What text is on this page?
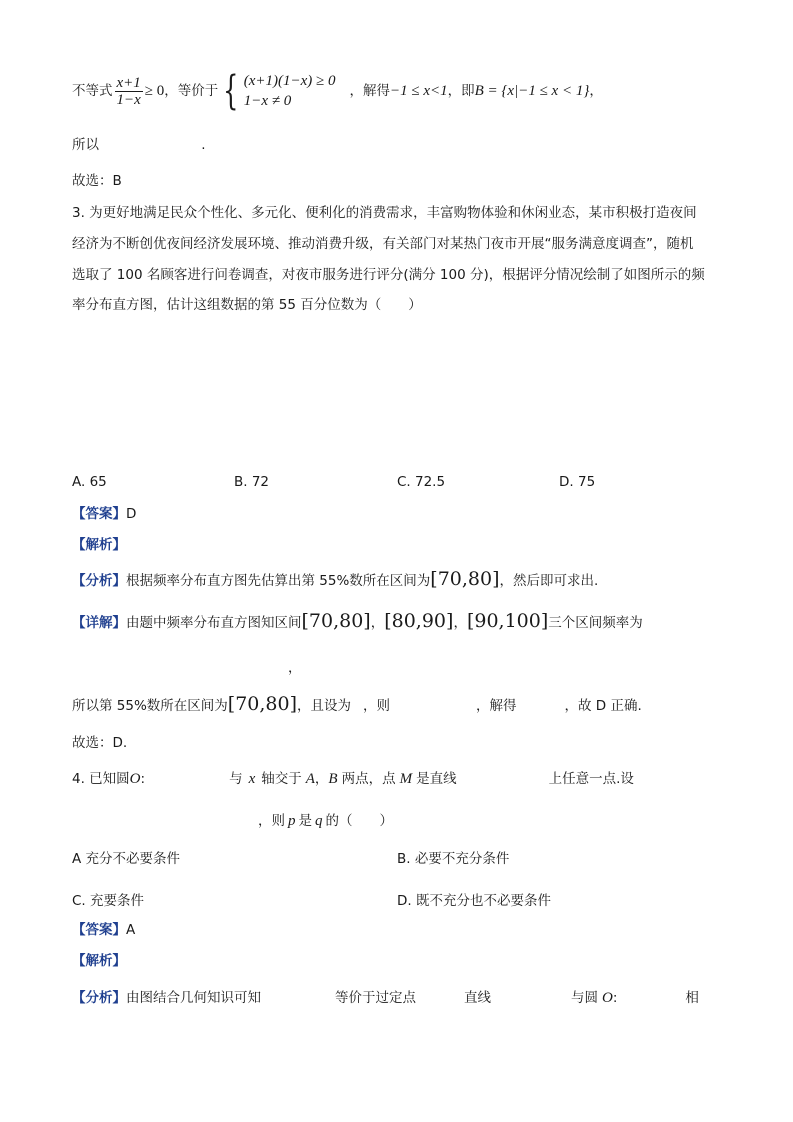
不等式 $\frac{x+1}{1-x} \ge 0$ ，等价于 { (x+1)(1−x) ≥ 0
1−x ≠ 0
，解得 −1 ≤ x<1 ，即 B = {x|−1 ≤ x < 1} ，
所以	.
故选：B
3. 为更好地满足民众个性化、多元化、便利化的消费需求，丰富购物体验和休闲业态，某市积极打造夜间
经济为不断创优夜间经济发展环境、推动消费升级，有关部门对某热门夜市开展“服务满意度调查”，随机
选取了 100 名顾客进行问卷调查，对夜市服务进行评分(满分 100 分)，根据评分情况绘制了如图所示的频
率分布直方图，估计这组数据的第 55 百分位数为（　　）
A. 65	B. 72	C. 72.5	D. 75
【答案】D
【解析】
【分析】根据频率分布直方图先估算出第 55%数所在区间为[70,80]，然后即可求出.
【详解】由题中频率分布直方图知区间[70,80]，[80,90]，[90,100]三个区间频率为
，
所以第 55%数所在区间为[70,80]，且设为 ，则	，解得	，故 D 正确.
故选：D.
4. 已知圆O:	与 x 轴交于 A，B 两点，点 M 是直线	上任意一点.设
，则 p 是 q 的（　　）
A 充分不必要条件	B. 必要不充分条件
C. 充要条件	D. 既不充分也不必要条件
【答案】A
【解析】
【分析】由图结合几何知识可知	等价于过定点	直线	与圆 O:	相
